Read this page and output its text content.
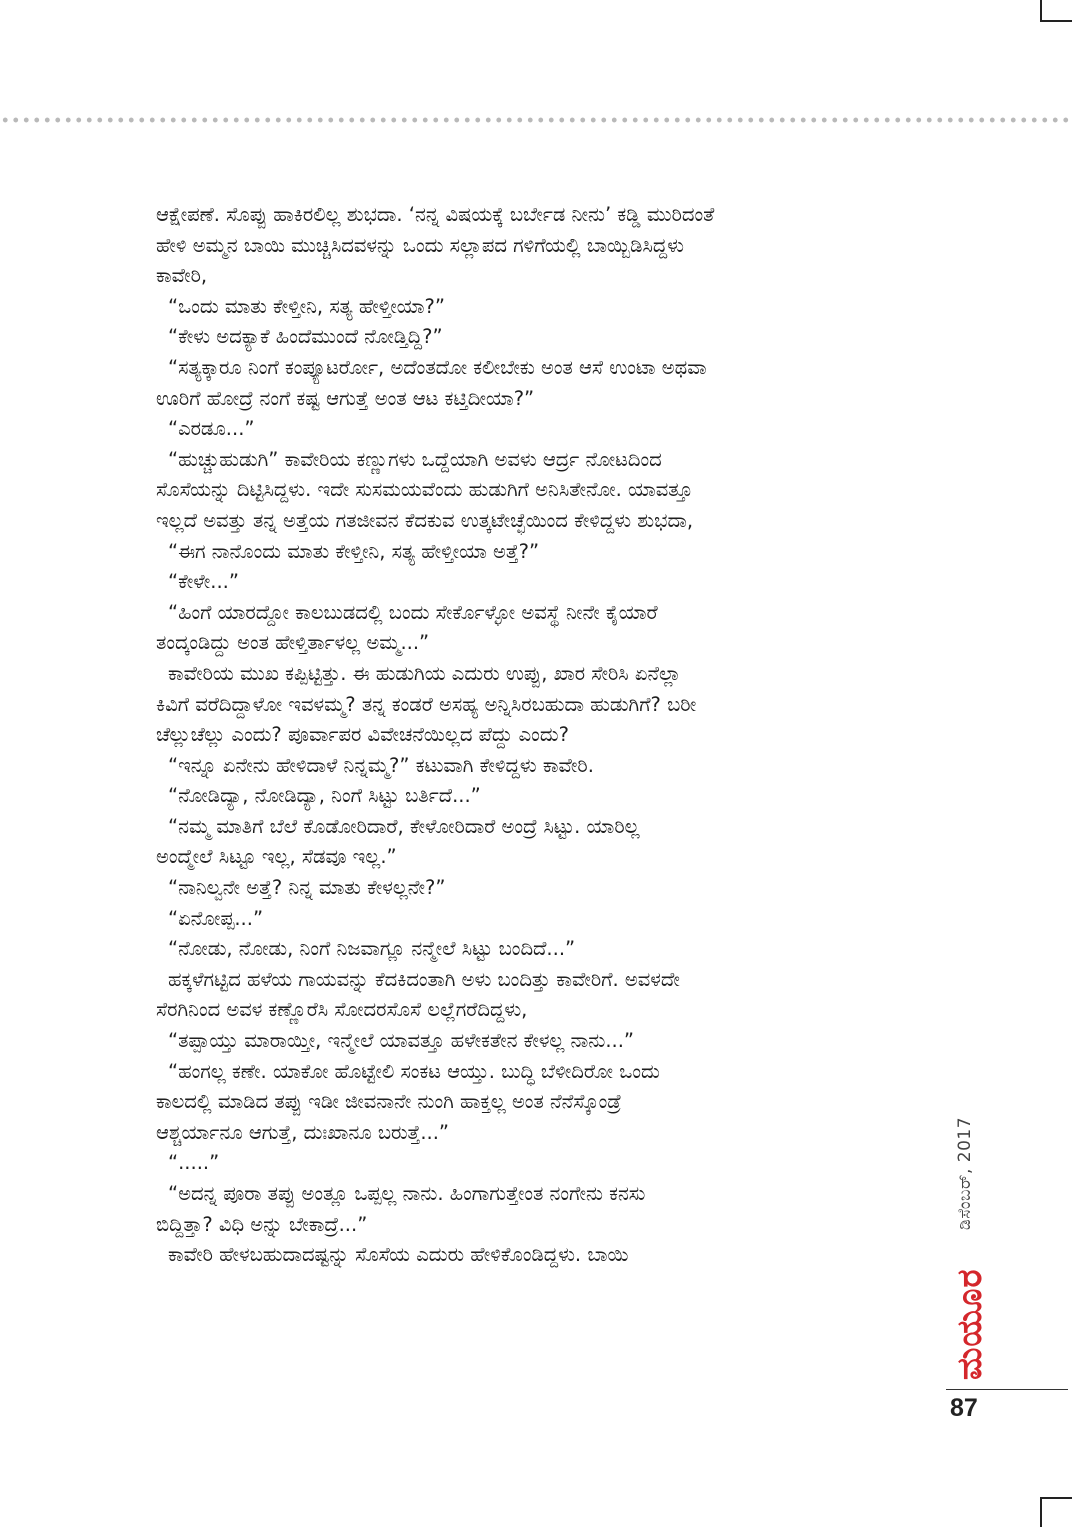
ಆಕ್ಷೇಪಣೆ. ಸೊಪ್ಪು ಹಾಕಿರಲಿಲ್ಲ ಶುಭದಾ. ‘ನನ್ನ ವಿಷಯಕ್ಕೆ ಬರ್ಬೇಡ ನೀನು’ ಕಡ್ಡಿ ಮುರಿದಂತೆ
ಹೇಳಿ ಅಮ್ಮನ ಬಾಯಿ ಮುಚ್ಚಿಸಿದವಳನ್ನು ಒಂದು ಸಲ್ಲಾಪದ ಗಳಿಗೆಯಲ್ಲಿ ಬಾಯ್ಬಿಡಿಸಿದ್ದಳು
ಕಾವೇರಿ,
“ಒಂದು ಮಾತು ಕೇಳ್ತೀನಿ, ಸತ್ಯ ಹೇಳ್ತೀಯಾ?”
“ಕೇಳು ಅದಕ್ಯಾಕೆ ಹಿಂದೆಮುಂದೆ ನೋಡ್ತಿದ್ದಿ?”
“ಸತ್ಯಕ್ಕಾರೂ ನಿಂಗೆ ಕಂಪ್ಯೂಟರ್ರೋ, ಅದೆಂತದೋ ಕಲೀಬೇಕು ಅಂತ ಆಸೆ ಉಂಟಾ ಅಥವಾ
ಊರಿಗೆ ಹೋದ್ರೆ ನಂಗೆ ಕಷ್ಟ ಆಗುತ್ತೆ ಅಂತ ಆಟ ಕಟ್ತಿದೀಯಾ?”
“ಎರಡೂ...”
“ಹುಚ್ಚುಹುಡುಗಿ” ಕಾವೇರಿಯ ಕಣ್ಣುಗಳು ಒದ್ದೆಯಾಗಿ ಅವಳು ಆರ್ದ್ರ ನೋಟದಿಂದ
ಸೊಸೆಯನ್ನು ದಿಟ್ಟಿಸಿದ್ದಳು. ಇದೇ ಸುಸಮಯವೆಂದು ಹುಡುಗಿಗೆ ಅನಿಸಿತೇನೋ. ಯಾವತ್ತೂ
ಇಲ್ಲದೆ ಅವತ್ತು ತನ್ನ ಅತ್ತೆಯ ಗತಜೀವನ ಕೆದಕುವ ಉತ್ಕಟೇಚ್ಛೆಯಿಂದ ಕೇಳಿದ್ದಳು ಶುಭದಾ,
“ಈಗ ನಾನೊಂದು ಮಾತು ಕೇಳ್ತೀನಿ, ಸತ್ಯ ಹೇಳ್ತೀಯಾ ಅತ್ತೆ?”
“ಕೇಳೇ...”
“ಹಿಂಗೆ ಯಾರದ್ದೋ ಕಾಲಬುಡದಲ್ಲಿ ಬಂದು ಸೇರ್ಕೊಳ್ಳೋ ಅವಸ್ಥೆ ನೀನೇ ಕೈಯಾರೆ
ತಂದ್ಕಂಡಿದ್ದು ಅಂತ ಹೇಳ್ತಿರ್ತಾಳಲ್ಲ ಅಮ್ಮ...”
ಕಾವೇರಿಯ ಮುಖ ಕಪ್ಪಿಟ್ಟಿತ್ತು. ಈ ಹುಡುಗಿಯ ಎದುರು ಉಪ್ಪು, ಖಾರ ಸೇರಿಸಿ ಏನೆಲ್ಲಾ
ಕಿವಿಗೆ ವರೆದಿದ್ದಾಳೋ ಇವಳಮ್ಮ? ತನ್ನ ಕಂಡರೆ ಅಸಹ್ಯ ಅನ್ನಿಸಿರಬಹುದಾ ಹುಡುಗಿಗೆ? ಬರೀ
ಚೆಲ್ಲುಚೆಲ್ಲು ಎಂದು? ಪೂರ್ವಾಪರ ವಿವೇಚನೆಯಿಲ್ಲದ ಪೆದ್ದು ಎಂದು?
“ಇನ್ನೂ ಏನೇನು ಹೇಳಿದಾಳೆ ನಿನ್ನಮ್ಮ?” ಕಟುವಾಗಿ ಕೇಳಿದ್ದಳು ಕಾವೇರಿ.
“ನೋಡಿದ್ಯಾ, ನೋಡಿದ್ಯಾ, ನಿಂಗೆ ಸಿಟ್ಟು ಬರ್ತಿದೆ...”
“ನಮ್ಮ ಮಾತಿಗೆ ಬೆಲೆ ಕೊಡೋರಿದಾರೆ, ಕೇಳೋರಿದಾರೆ ಅಂದ್ರೆ ಸಿಟ್ಟು. ಯಾರಿಲ್ಲ
ಅಂದ್ಮೇಲೆ ಸಿಟ್ಟೂ ಇಲ್ಲ, ಸೆಡವೂ ಇಲ್ಲ.”
“ನಾನಿಲ್ವನೇ ಅತ್ತೆ? ನಿನ್ನ ಮಾತು ಕೇಳಲ್ಲನೇ?”
“ಏನೋಪ್ಪ...”
“ನೋಡು, ನೋಡು, ನಿಂಗೆ ನಿಜವಾಗ್ಲೂ ನನ್ಮೇಲೆ ಸಿಟ್ಟು ಬಂದಿದೆ...”
ಹಕ್ಕಳೆಗಟ್ಟಿದ ಹಳೆಯ ಗಾಯವನ್ನು ಕೆದಕಿದಂತಾಗಿ ಅಳು ಬಂದಿತ್ತು ಕಾವೇರಿಗೆ. ಅವಳದೇ
ಸೆರಗಿನಿಂದ ಅವಳ ಕಣ್ಣೊರೆಸಿ ಸೋದರಸೊಸೆ ಲಲ್ಲೆಗರೆದಿದ್ದಳು,
“ತಪ್ಪಾಯ್ತು ಮಾರಾಯ್ತೀ, ಇನ್ಮೇಲೆ ಯಾವತ್ತೂ ಹಳೇಕತೇನ ಕೇಳಲ್ಲ ನಾನು...”
“ಹಂಗಲ್ಲ ಕಣೇ. ಯಾಕೋ ಹೊಟ್ಟೇಲಿ ಸಂಕಟ ಆಯ್ತು. ಬುದ್ಧಿ ಬೆಳೀದಿರೋ ಒಂದು
ಕಾಲದಲ್ಲಿ ಮಾಡಿದ ತಪ್ಪು ಇಡೀ ಜೀವನಾನೇ ನುಂಗಿ ಹಾಕ್ತಲ್ಲ ಅಂತ ನೆನೆಸ್ಕೊಂಡ್ರೆ
ಆಶ್ಚರ್ಯಾನೂ ಆಗುತ್ತೆ, ದುಃಖಾನೂ ಬರುತ್ತೆ...”
“.....”
“ಅದನ್ನ ಪೂರಾ ತಪ್ಪು ಅಂತ್ಲೂ ಒಪ್ಪಲ್ಲ ನಾನು. ಹಿಂಗಾಗುತ್ತೇಂತ ನಂಗೇನು ಕನಸು
ಬಿದ್ದಿತ್ತಾ? ವಿಧಿ ಅನ್ನು ಬೇಕಾದ್ರೆ...”
ಕಾವೇರಿ ಹೇಳಬಹುದಾದಷ್ಟನ್ನು ಸೊಸೆಯ ಎದುರು ಹೇಳಿಕೊಂಡಿದ್ದಳು. ಬಾಯಿ
ಡಿಸೆಂಬರ್, 2017
ಮಯೂರ
87
